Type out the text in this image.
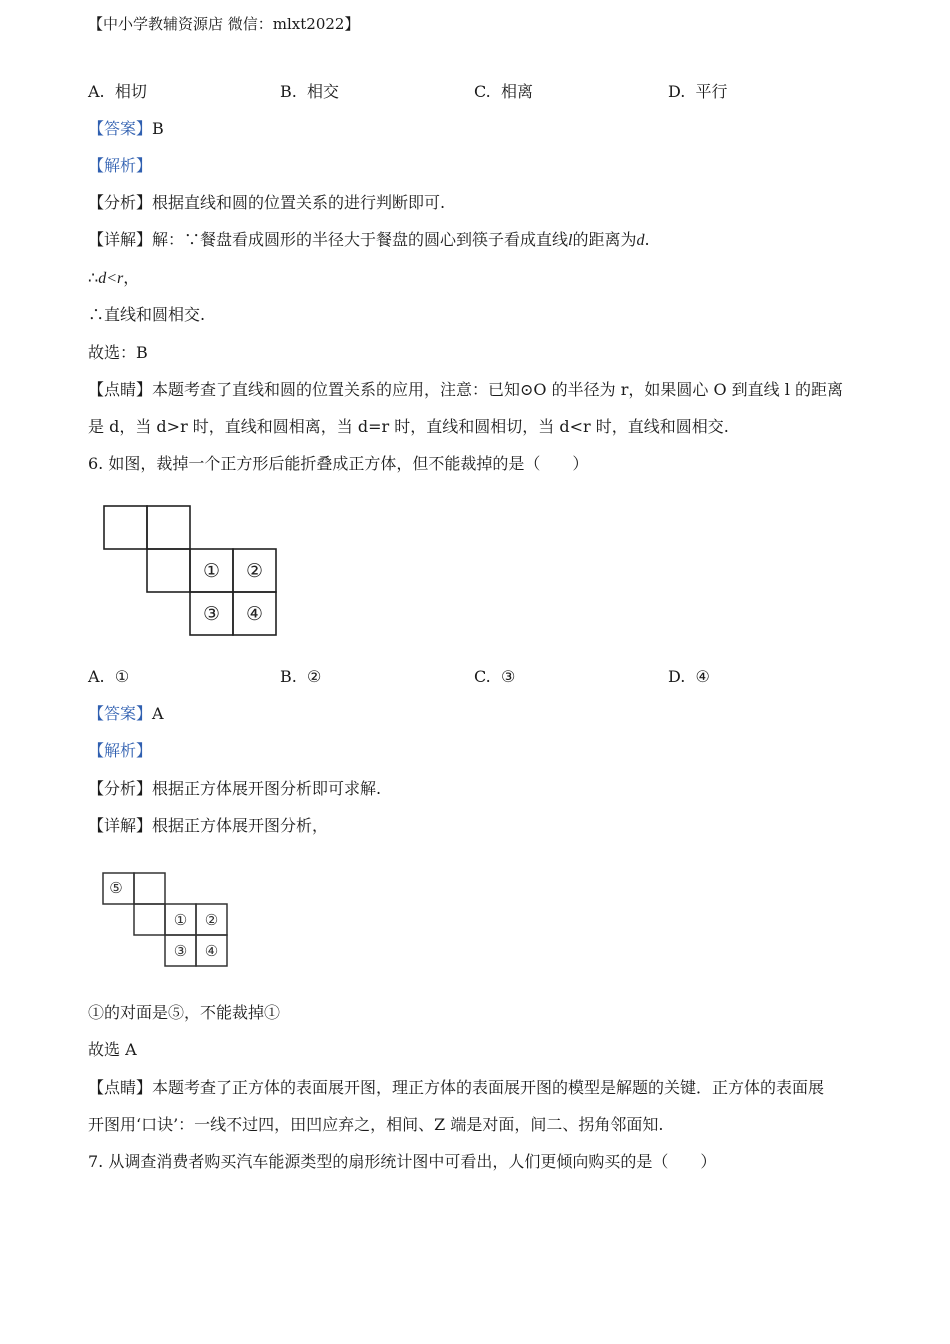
【中小学教辅资源店 微信：mlxt2022】
A. 相切	B. 相交	C. 相离	D. 平行
【答案】B
【解析】
【分析】根据直线和圆的位置关系的进行判断即可.
【详解】解：∵餐盘看成圆形的半径大于餐盘的圆心到筷子看成直线l的距离为d.
∴d<r，
∴直线和圆相交.
故选：B
【点睛】本题考查了直线和圆的位置关系的应用，注意：已知⊙O 的半径为 r，如果圆心 O 到直线 l 的距离
是 d，当 d>r 时，直线和圆相离，当 d=r 时，直线和圆相切，当 d<r 时，直线和圆相交.
6. 如图，裁掉一个正方形后能折叠成正方体，但不能裁掉的是（　　）
① ②
③ ④
A. ①	B. ②	C. ③	D. ④
【答案】A
【解析】
【分析】根据正方体展开图分析即可求解.
【详解】根据正方体展开图分析，
⑤
① ②
③ ④
①的对面是⑤，不能裁掉①
故选 A
【点睛】本题考查了正方体的表面展开图，理正方体的表面展开图的模型是解题的关键．正方体的表面展
开图用‘口诀’：一线不过四，田凹应弃之，相间、Z 端是对面，间二、拐角邻面知.
7. 从调查消费者购买汽车能源类型的扇形统计图中可看出，人们更倾向购买的是（　　）
